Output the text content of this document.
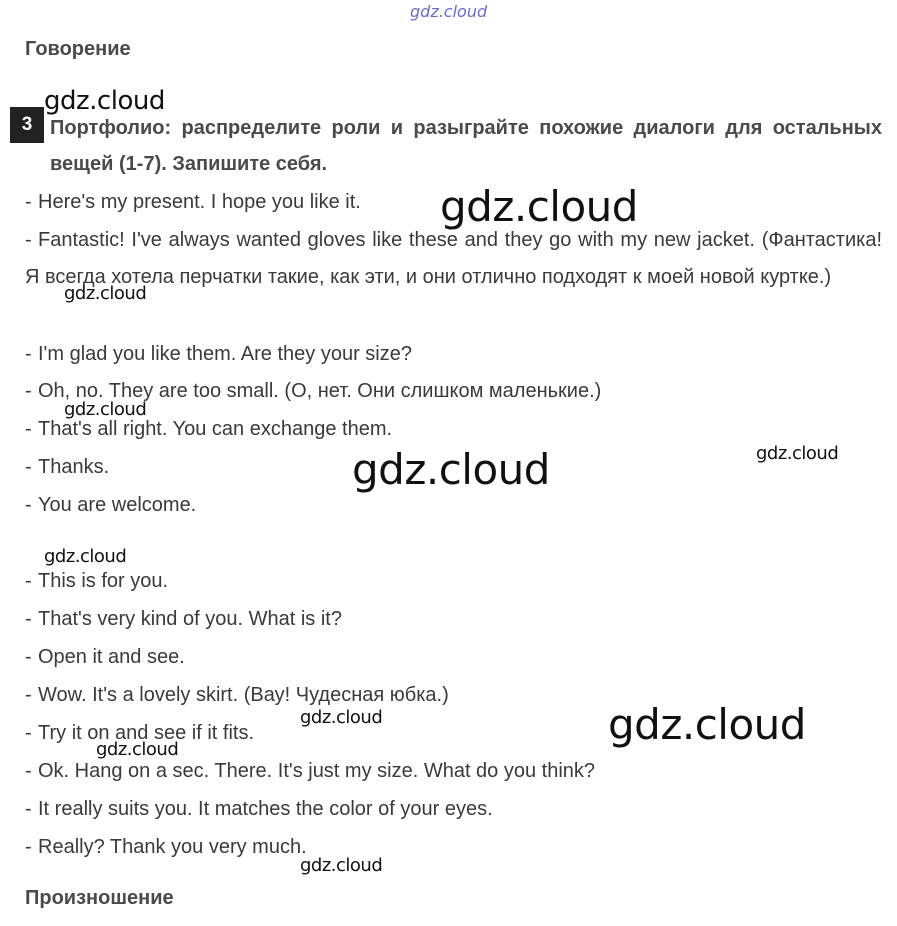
gdz.cloud
Говорение
3 Портфолио: распределите роли и разыграйте похожие диалоги для остальных вещей (1-7). Запишите себя.
- Here's my present. I hope you like it.
- Fantastic! I've always wanted gloves like these and they go with my new jacket. (Фантастика! Я всегда хотела перчатки такие, как эти, и они отлично подходят к моей новой куртке.)
- I'm glad you like them. Are they your size?
- Oh, no. They are too small. (О, нет. Они слишком маленькие.)
- That's all right. You can exchange them.
- Thanks.
- You are welcome.
- This is for you.
- That's very kind of you. What is it?
- Open it and see.
- Wow. It's a lovely skirt. (Вау! Чудесная юбка.)
- Try it on and see if it fits.
- Ok. Hang on a sec. There. It's just my size. What do you think?
- It really suits you. It matches the color of your eyes.
- Really? Thank you very much.
Произношение
gdz.cloud
gdz.cloud
gdz.cloud
gdz.cloud
gdz.cloud
gdz.cloud
gdz.cloud
gdz.cloud	gdz.cloud
gdz.cloud
gdz.cloud
